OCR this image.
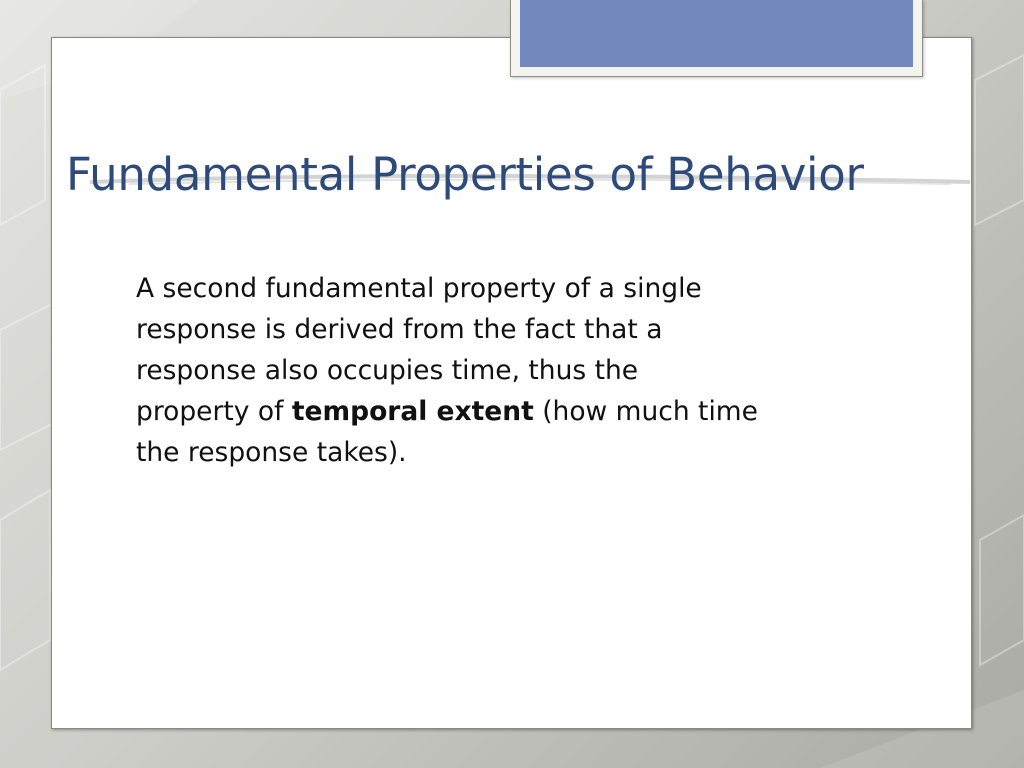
Fundamental Properties of Behavior
A second fundamental property of a single
response is derived from the fact that a
response also occupies time, thus the
property of temporal extent (how much time
the response takes).
